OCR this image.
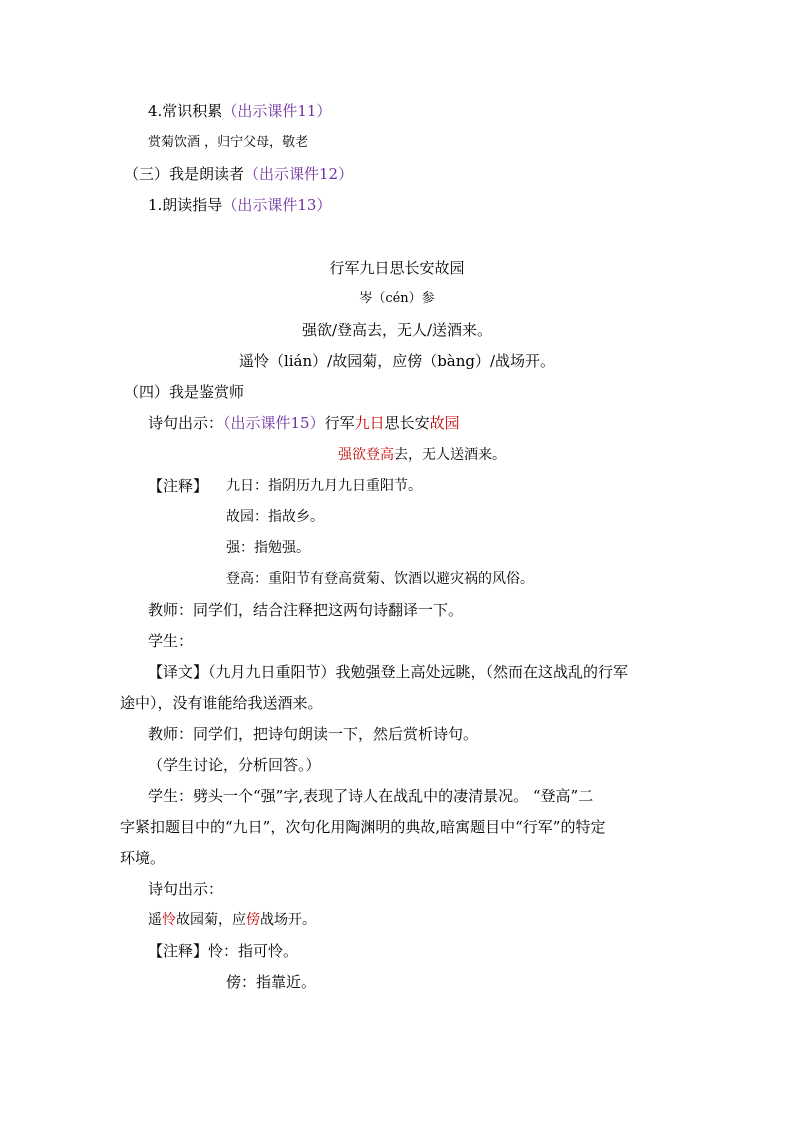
4.常识积累（出示课件11）
赏菊饮酒 ，归宁父母，敬老
（三）我是朗读者（出示课件12）
1.朗读指导（出示课件13）
行军九日思长安故园
岑（cén）参
强欲/登高去，无人/送酒来。
遥怜（lián）/故园菊，应傍（bàng）/战场开。
（四）我是鉴赏师
诗句出示：（出示课件15）行军九日思长安故园
强欲登高去，无人送酒来。
【注释】 九日：指阴历九月九日重阳节。
故园：指故乡。
强：指勉强。
登高：重阳节有登高赏菊、饮酒以避灾祸的风俗。
教师：同学们，结合注释把这两句诗翻译一下。
学生：
【译文】（九月九日重阳节）我勉强登上高处远眺，（然而在这战乱的行军
途中），没有谁能给我送酒来。
教师：同学们，把诗句朗读一下，然后赏析诗句。
（学生讨论，分析回答。）
学生：劈头一个“强”字,表现了诗人在战乱中的凄清景况。 “登高”二
字紧扣题目中的“九日”，次句化用陶渊明的典故,暗寓题目中“行军”的特定
环境。
诗句出示：
遥怜故园菊，应傍战场开。
【注释】怜：指可怜。
傍：指靠近。
